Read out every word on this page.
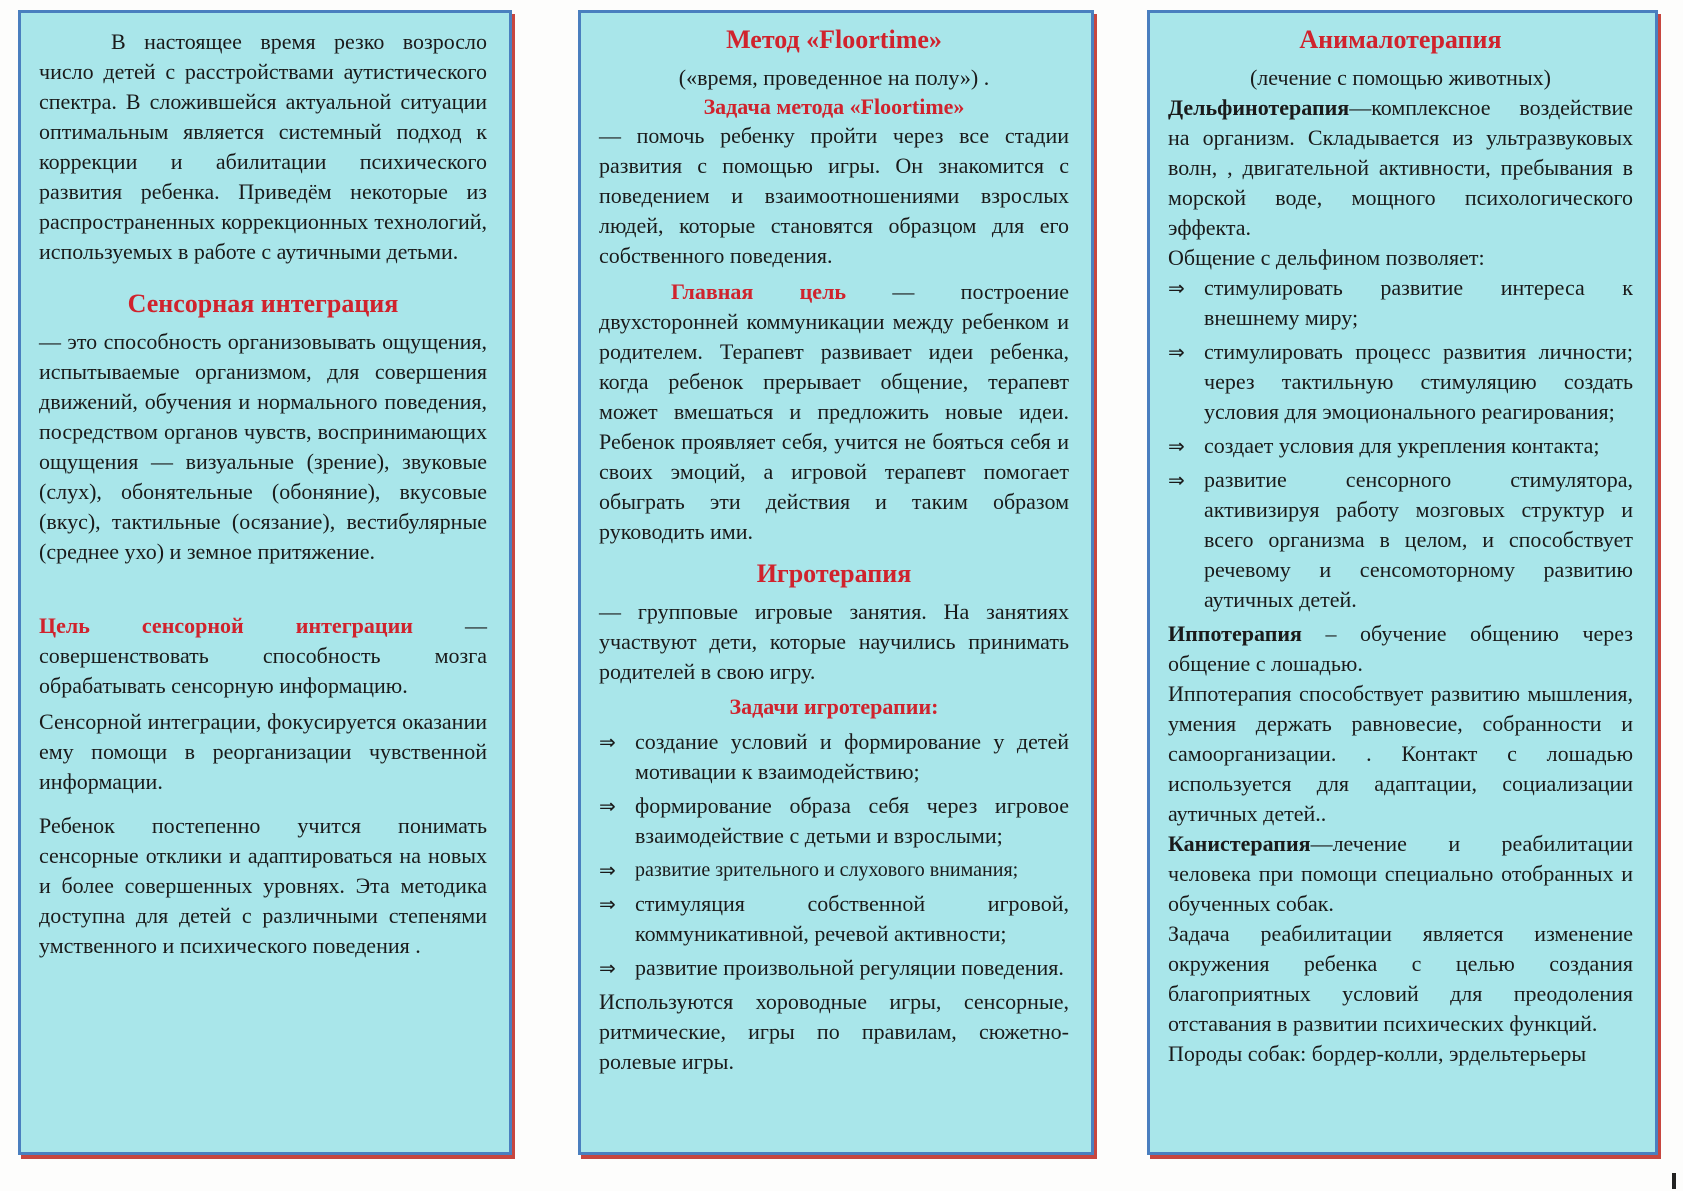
В настоящее время резко возросло число детей с расстройствами аутистического спектра. В сложившейся актуальной ситуации оптимальным является системный подход к коррекции и абилитации психического развития ребенка. Приведём некоторые из распространенных коррекционных технологий, используемых в работе с аутичными детьми.

Сенсорная интеграция

— это способность организовывать ощущения, испытываемые организмом, для совершения движений, обучения и нормального поведения, посредством органов чувств, воспринимающих ощущения — визуальные (зрение), звуковые (слух), обонятельные (обоняние), вкусовые (вкус), тактильные (осязание), вестибулярные (среднее ухо) и земное притяжение.

Цель сенсорной интеграции — совершенствовать способность мозга обрабатывать сенсорную информацию.

Сенсорной интеграции, фокусируется оказании ему помощи в реорганизации чувственной информации.

Ребенок постепенно учится понимать сенсорные отклики и адаптироваться на новых и более совершенных уровнях. Эта методика доступна для детей с различными степенями умственного и психического поведения .

Метод «Floortime»

(«время, проведенное на полу») .

Задача метода «Floortime»

— помочь ребенку пройти через все стадии развития с помощью игры. Он знакомится с поведением и взаимоотношениями взрослых людей, которые становятся образцом для его собственного поведения.

Главная цель — построение двухсторонней коммуникации между ребенком и родителем. Терапевт развивает идеи ребенка, когда ребенок прерывает общение, терапевт может вмешаться и предложить новые идеи. Ребенок проявляет себя, учится не бояться себя и своих эмоций, а игровой терапевт помогает обыграть эти действия и таким образом руководить ими.

Игротерапия

— групповые игровые занятия. На занятиях участвуют дети, которые научились принимать родителей в свою игру.

Задачи игротерапии:
⇒ создание условий и формирование у детей мотивации к взаимодействию;
⇒ формирование образа себя через игровое взаимодействие с детьми и взрослыми;
⇒ развитие зрительного и слухового внимания;
⇒ стимуляция собственной игровой, коммуникативной, речевой активности;
⇒ развитие произвольной регуляции поведения.

Используются хороводные игры, сенсорные, ритмические, игры по правилам, сюжетно-ролевые игры.

Анималотерапия

(лечение с помощью животных)

Дельфинотерапия—комплексное воздействие на организм. Складывается из ультразвуковых волн, , двигательной активности, пребывания в морской воде, мощного психологического эффекта.

Общение с дельфином позволяет:

⇒ стимулировать развитие интереса к внешнему миру;
⇒ стимулировать процесс развития личности; через тактильную стимуляцию создать условия для эмоционального реагирования;
⇒ создает условия для укрепления контакта;
⇒ развитие сенсорного стимулятора, активизируя работу мозговых структур и всего организма в целом, и способствует речевому и сенсомоторному развитию аутичных детей.

Иппотерапия – обучение общению через общение с лошадью.

Иппотерапия способствует развитию мышления, умения держать равновесие, собранности и самоорганизации. . Контакт с лошадью используется для адаптации, социализации аутичных детей..

Канистерапия—лечение и реабилитации человека при помощи специально отобранных и обученных собак.

Задача реабилитации является изменение окружения ребенка с целью создания благоприятных условий для преодоления отставания в развитии психических функций.

Породы собак: бордер-колли, эрдельтерьеры
